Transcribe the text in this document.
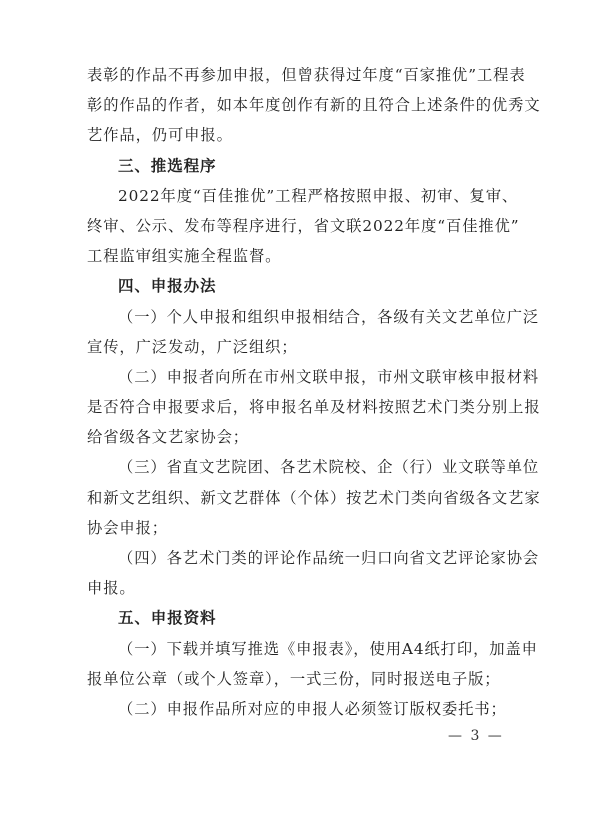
表彰的作品不再参加申报，但曾获得过年度“百家推优”工程表
彰的作品的作者，如本年度创作有新的且符合上述条件的优秀文
艺作品，仍可申报。
三、推选程序
2022年度“百佳推优”工程严格按照申报、初审、复审、
终审、公示、发布等程序进行，省文联2022年度“百佳推优”
工程监审组实施全程监督。
四、申报办法
（一）个人申报和组织申报相结合，各级有关文艺单位广泛
宣传，广泛发动，广泛组织；
（二）申报者向所在市州文联申报，市州文联审核申报材料
是否符合申报要求后，将申报名单及材料按照艺术门类分别上报
给省级各文艺家协会；
（三）省直文艺院团、各艺术院校、企（行）业文联等单位
和新文艺组织、新文艺群体（个体）按艺术门类向省级各文艺家
协会申报；
（四）各艺术门类的评论作品统一归口向省文艺评论家协会
申报。
五、申报资料
（一）下载并填写推选《申报表》，使用A4纸打印，加盖申
报单位公章（或个人签章），一式三份，同时报送电子版；
（二）申报作品所对应的申报人必须签订版权委托书；
— 3 —
